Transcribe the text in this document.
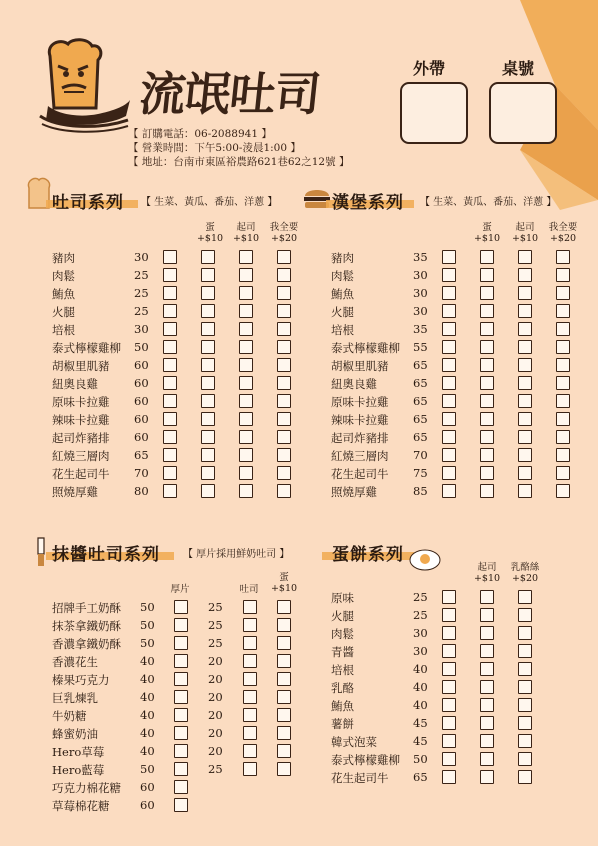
流氓吐司
【 訂購電話：06-2088941 】
【 營業時間：下午5:00-淩晨1:00 】
【 地址：台南市東區裕農路621巷62之12號 】
外帶	桌號
吐司系列 【 生菜、黃瓜、番茄、洋蔥 】	漢堡系列 【 生菜、黃瓜、番茄、洋蔥 】
抹醬吐司系列 【 厚片採用鮮奶吐司 】	蛋餅系列
蛋
+$10
起司
+$10
我全要
+$20
蛋
+$10
起司
+$10
我全要
+$20
厚片	吐司
蛋
+$10
起司
+$10
乳酪絲
+$20
豬肉	30
肉鬆	25
鮪魚	25
火腿	25
培根	30
泰式檸檬雞柳 50
胡椒里肌豬 60
紐奧良雞	60
原味卡拉雞 60
辣味卡拉雞 60
起司炸豬排 60
紅燒三層肉 65
花生起司牛 70
照燒厚雞	80
豬肉	35
肉鬆	30
鮪魚	30
火腿	30
培根	35
泰式檸檬雞柳 55
胡椒里肌豬 65
紐奧良雞	65
原味卡拉雞 65
辣味卡拉雞 65
起司炸豬排 65
紅燒三層肉 70
花生起司牛 75
照燒厚雞	85
招牌手工奶酥 50	25
抹茶拿鐵奶酥 50	25
香濃拿鐵奶酥 50	25
香濃花生	40	20
榛果巧克力	40	20
巨乳煉乳	40	20
牛奶糖	40	20
蜂蜜奶油	40	20
Hero草莓	40	20
Hero藍莓	50	25
巧克力棉花糖 60
草莓棉花糖	60
原味	25
火腿	25
肉鬆	30
青醬	30
培根	40
乳酪	40
鮪魚	40
薯餅	45
韓式泡菜	45
泰式檸檬雞柳 50
花生起司牛 65
